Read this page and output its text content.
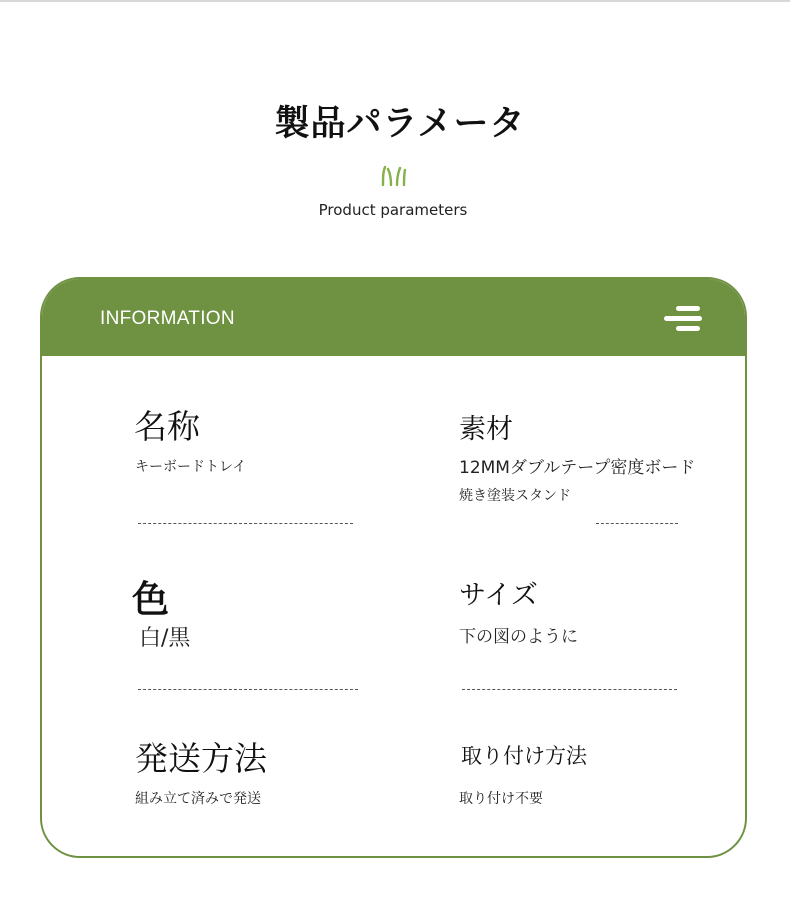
製品パラメータ
Product parameters
INFORMATION
名称
キーボードトレイ
素材
12MMダブルテープ密度ボード
焼き塗装スタンド
色
白/黒
サイズ
下の図のように
発送方法
組み立て済みで発送
取り付け方法
取り付け不要
